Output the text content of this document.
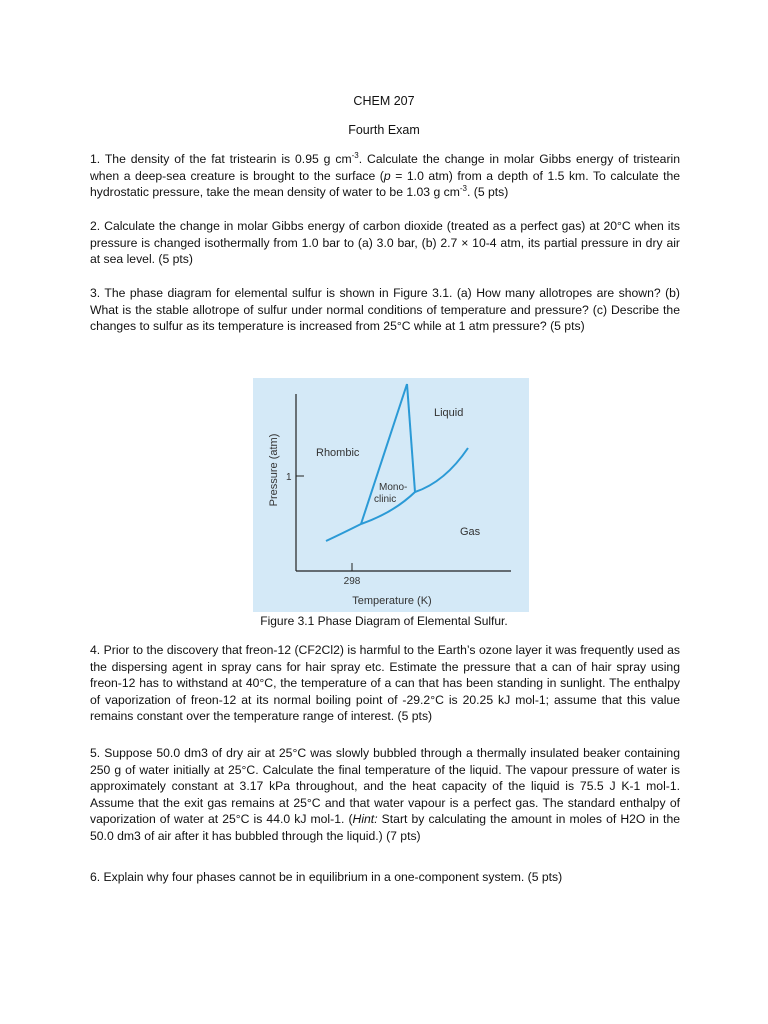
CHEM 207
Fourth Exam
1. The density of the fat tristearin is 0.95 g $cm^{-3}$. Calculate the change in molar Gibbs energy of tristearin when a deep-sea creature is brought to the surface (p = 1.0 atm) from a depth of 1.5 km. To calculate the hydrostatic pressure, take the mean density of water to be 1.03 g $cm^{-3}$. (5 pts)
2. Calculate the change in molar Gibbs energy of carbon dioxide (treated as a perfect gas) at 20°C when its pressure is changed isothermally from 1.0 bar to (a) 3.0 bar, (b) 2.7 × 10-4 atm, its partial pressure in dry air at sea level. (5 pts)
3. The phase diagram for elemental sulfur is shown in Figure 3.1. (a) How many allotropes are shown? (b) What is the stable allotrope of sulfur under normal conditions of temperature and pressure? (c) Describe the changes to sulfur as its temperature is increased from 25°C while at 1 atm pressure? (5 pts)
1
298
Temperature (K)
Pressure (atm)
Liquid
Rhombic
Mono-
clinic
Gas
Figure 3.1 Phase Diagram of Elemental Sulfur.
4. Prior to the discovery that freon-12 (CF2Cl2) is harmful to the Earth’s ozone layer it was frequently used as the dispersing agent in spray cans for hair spray etc. Estimate the pressure that a can of hair spray using freon-12 has to withstand at 40°C, the temperature of a can that has been standing in sunlight. The enthalpy of vaporization of freon-12 at its normal boiling point of -29.2°C is 20.25 kJ mol-1; assume that this value remains constant over the temperature range of interest. (5 pts)
5. Suppose 50.0 dm3 of dry air at 25°C was slowly bubbled through a thermally insulated beaker containing 250 g of water initially at 25°C. Calculate the final temperature of the liquid. The vapour pressure of water is approximately constant at 3.17 kPa throughout, and the heat capacity of the liquid is 75.5 J K-1 mol-1. Assume that the exit gas remains at 25°C and that water vapour is a perfect gas. The standard enthalpy of vaporization of water at 25°C is 44.0 kJ mol-1. (Hint: Start by calculating the amount in moles of H2O in the 50.0 dm3 of air after it has bubbled through the liquid.) (7 pts)
6. Explain why four phases cannot be in equilibrium in a one-component system. (5 pts)
